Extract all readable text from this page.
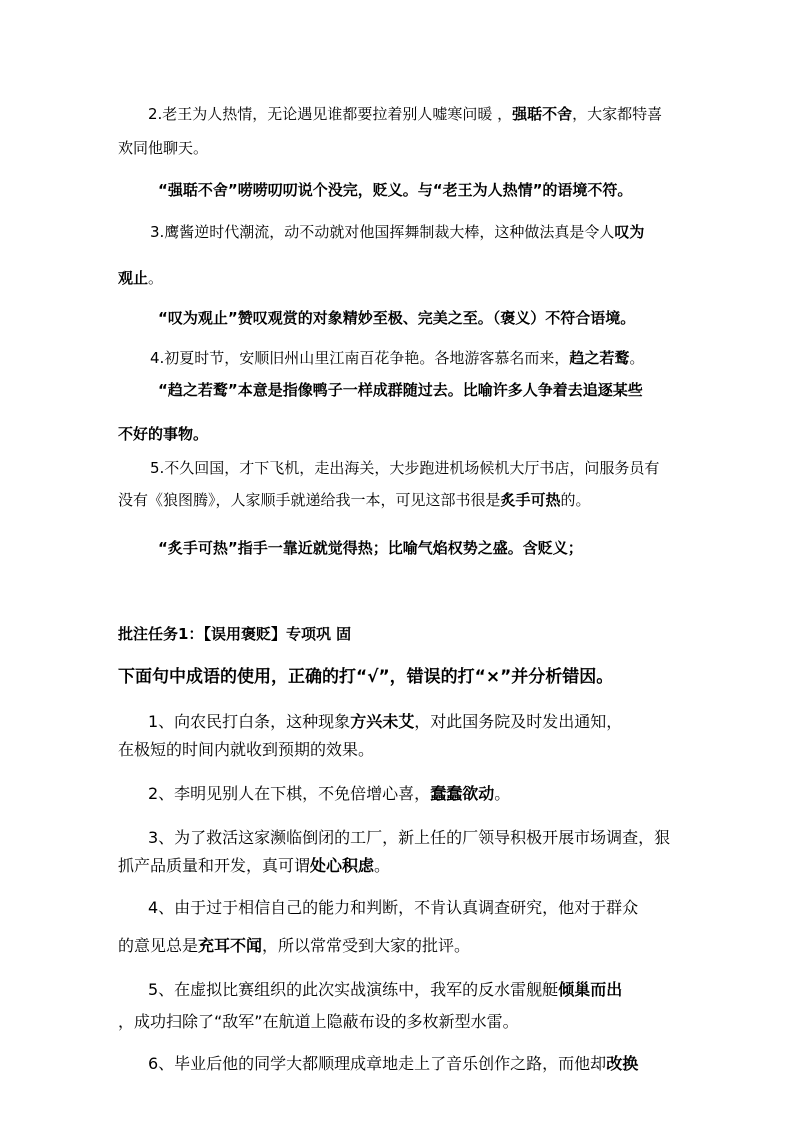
2.老王为人热情，无论遇见谁都要拉着别人嘘寒问暖 ，强聒不舍，大家都特喜
欢同他聊天。
“强聒不舍”唠唠叨叨说个没完，贬义。与“老王为人热情”的语境不符。
3.鹰酱逆时代潮流，动不动就对他国挥舞制裁大棒，这种做法真是令人叹为
观止。
“叹为观止”赞叹观赏的对象精妙至极、完美之至。（褒义）不符合语境。
4.初夏时节，安顺旧州山里江南百花争艳。各地游客慕名而来，趋之若鹜。
“趋之若鹜”本意是指像鸭子一样成群随过去。比喻许多人争着去追逐某些
不好的事物。
5.不久回国，才下飞机，走出海关，大步跑进机场候机大厅书店，问服务员有
没有《狼图腾》，人家顺手就递给我一本，可见这部书很是炙手可热的。
“炙手可热”指手一靠近就觉得热；比喻气焰权势之盛。含贬义；
批注任务1：【误用褒贬】专项巩 固
下面句中成语的使用，正确的打“√”，错误的打“×”并分析错因。
1、向农民打白条，这种现象方兴未艾，对此国务院及时发出通知，
在极短的时间内就收到预期的效果。
2、李明见别人在下棋，不免倍增心喜，蠢蠢欲动。
3、为了救活这家濒临倒闭的工厂，新上任的厂领导积极开展市场调查，狠
抓产品质量和开发，真可谓处心积虑。
4、由于过于相信自己的能力和判断，不肯认真调查研究，他对于群众
的意见总是充耳不闻，所以常常受到大家的批评。
5、在虚拟比赛组织的此次实战演练中，我军的反水雷舰艇倾巢而出
，成功扫除了“敌军”在航道上隐蔽布设的多枚新型水雷。
6、毕业后他的同学大都顺理成章地走上了音乐创作之路，而他却改换
